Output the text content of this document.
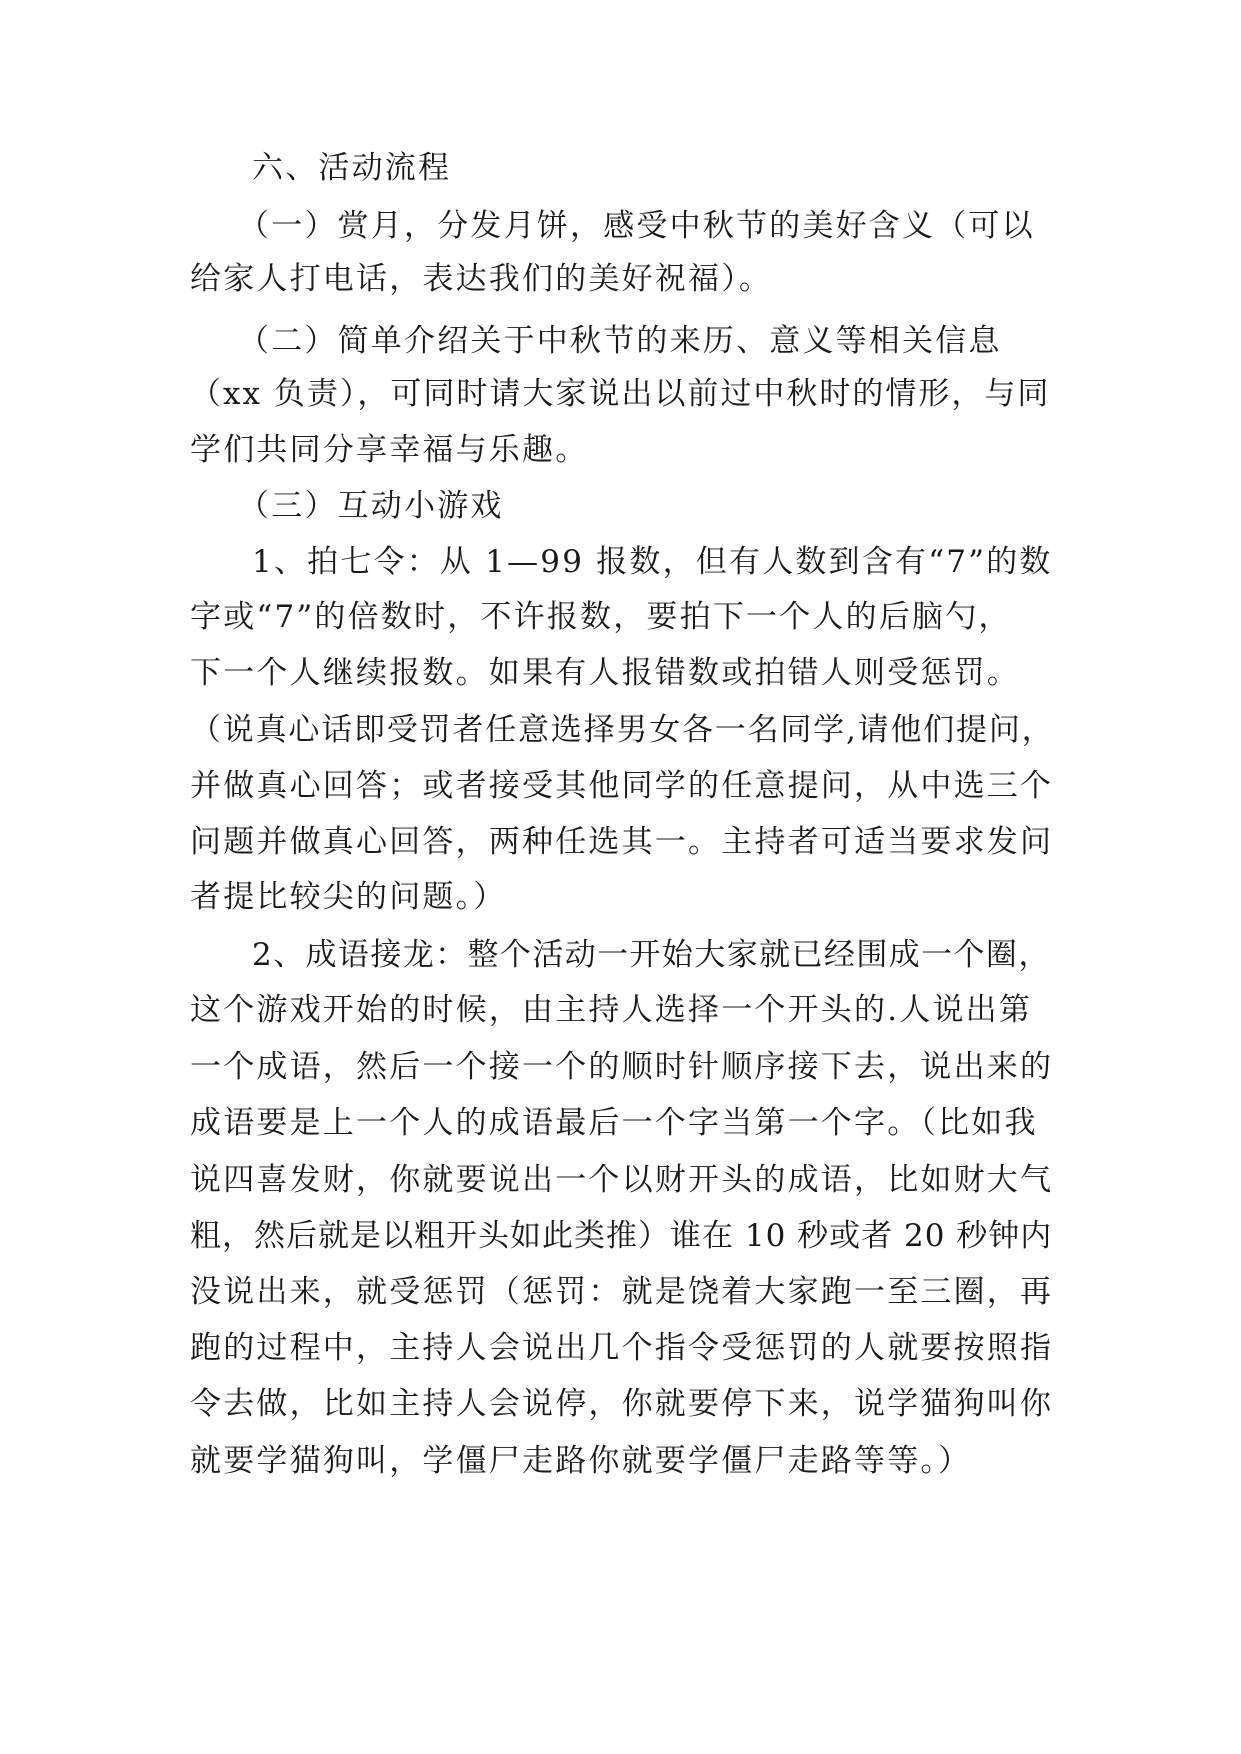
六、活动流程
（一）赏月，分发月饼，感受中秋节的美好含义（可以
给家人打电话，表达我们的美好祝福）。
（二）简单介绍关于中秋节的来历、意义等相关信息
（xx 负责），可同时请大家说出以前过中秋时的情形，与同
学们共同分享幸福与乐趣。
（三）互动小游戏
1、拍七令：从 1—99 报数，但有人数到含有“7”的数
字或“7”的倍数时，不许报数，要拍下一个人的后脑勺，
下一个人继续报数。如果有人报错数或拍错人则受惩罚。
（说真心话即受罚者任意选择男女各一名同学,请他们提问，
并做真心回答；或者接受其他同学的任意提问，从中选三个
问题并做真心回答，两种任选其一。主持者可适当要求发问
者提比较尖的问题。）
2、成语接龙：整个活动一开始大家就已经围成一个圈，
这个游戏开始的时候，由主持人选择一个开头的.人说出第
一个成语，然后一个接一个的顺时针顺序接下去，说出来的
成语要是上一个人的成语最后一个字当第一个字。（比如我
说四喜发财，你就要说出一个以财开头的成语，比如财大气
粗，然后就是以粗开头如此类推）谁在 10 秒或者 20 秒钟内
没说出来，就受惩罚（惩罚：就是饶着大家跑一至三圈，再
跑的过程中，主持人会说出几个指令受惩罚的人就要按照指
令去做，比如主持人会说停，你就要停下来，说学猫狗叫你
就要学猫狗叫，学僵尸走路你就要学僵尸走路等等。）
